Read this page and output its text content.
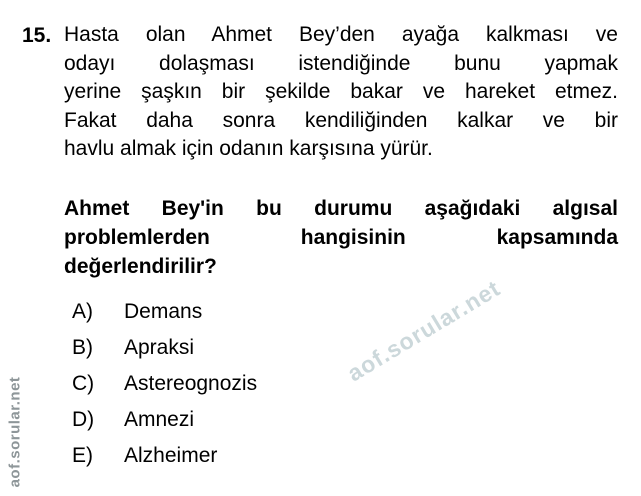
15. Hasta olan Ahmet Bey’den ayağa kalkması ve
odayı dolaşması istendiğinde bunu yapmak
yerine şaşkın bir şekilde bakar ve hareket etmez.
Fakat daha sonra kendiliğinden kalkar ve bir
havlu almak için odanın karşısına yürür.
Ahmet Bey'in bu durumu aşağıdaki algısal
problemlerden hangisinin kapsamında
değerlendirilir?
A)	Demans
B)	Apraksi
C)	Astereognozis
D)	Amnezi
E)	Alzheimer
aof.sorular.net
aof.sorular.net
